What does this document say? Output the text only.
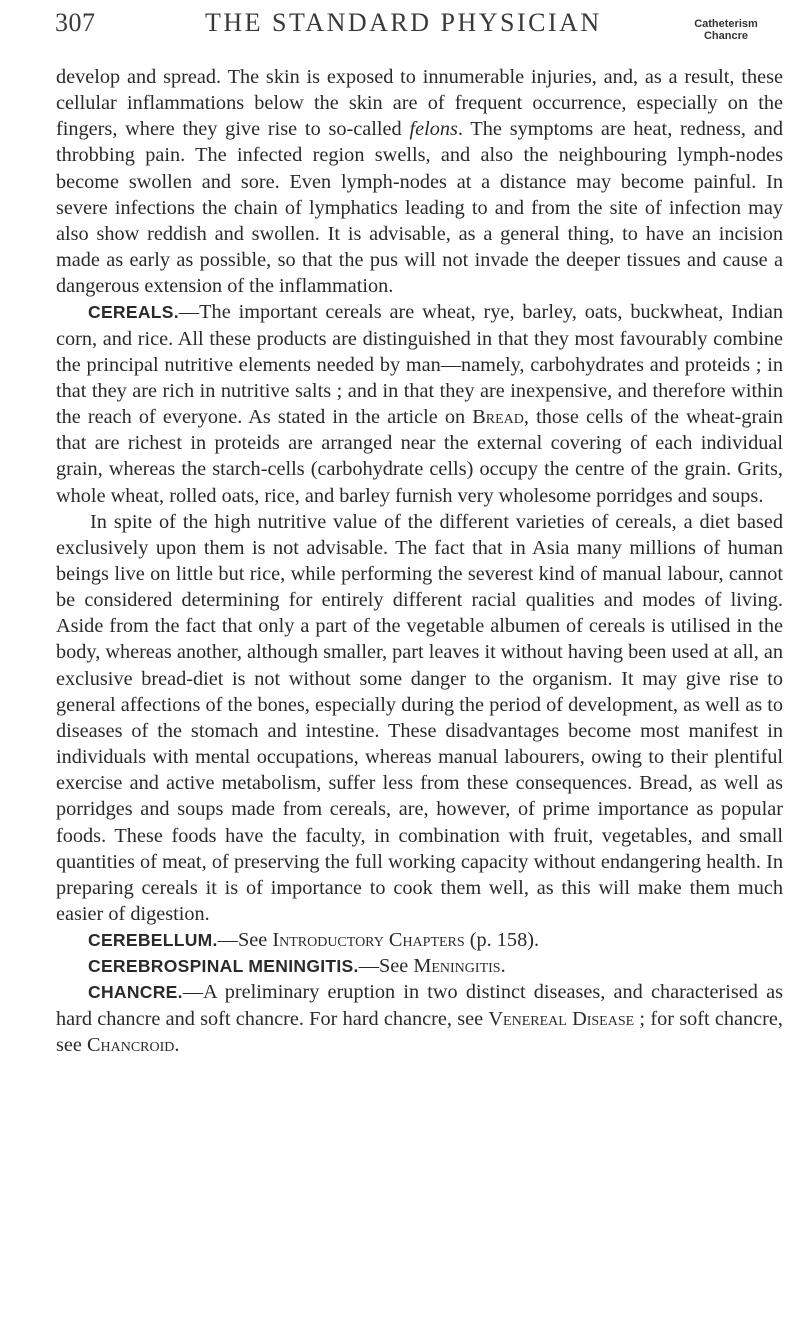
307	THE STANDARD PHYSICIAN	Catheterism
Chancre

develop and spread. The skin is exposed to innumerable injuries, and, as a result, these cellular inflammations below the skin are of frequent occurrence, especially on the fingers, where they give rise to so-called felons. The symptoms are heat, redness, and throbbing pain. The infected region swells, and also the neighbouring lymph-nodes become swollen and sore. Even lymph-nodes at a distance may become painful. In severe infections the chain of lymphatics leading to and from the site of infection may also show reddish and swollen. It is advisable, as a general thing, to have an incision made as early as possible, so that the pus will not invade the deeper tissues and cause a dangerous extension of the inflammation.

CEREALS.—The important cereals are wheat, rye, barley, oats, buckwheat, Indian corn, and rice. All these products are distinguished in that they most favourably combine the principal nutritive elements needed by man—namely, carbohydrates and proteids ; in that they are rich in nutritive salts ; and in that they are inexpensive, and therefore within the reach of everyone. As stated in the article on Bread, those cells of the wheat-grain that are richest in proteids are arranged near the external covering of each individual grain, whereas the starch-cells (carbohydrate cells) occupy the centre of the grain. Grits, whole wheat, rolled oats, rice, and barley furnish very wholesome porridges and soups.

In spite of the high nutritive value of the different varieties of cereals, a diet based exclusively upon them is not advisable. The fact that in Asia many millions of human beings live on little but rice, while performing the severest kind of manual labour, cannot be considered determining for entirely different racial qualities and modes of living. Aside from the fact that only a part of the vegetable albumen of cereals is utilised in the body, whereas another, although smaller, part leaves it without having been used at all, an exclusive bread-diet is not without some danger to the organism. It may give rise to general affections of the bones, especially during the period of development, as well as to diseases of the stomach and intestine. These disadvantages become most manifest in individuals with mental occupations, whereas manual labourers, owing to their plentiful exercise and active metabolism, suffer less from these consequences. Bread, as well as porridges and soups made from cereals, are, however, of prime importance as popular foods. These foods have the faculty, in combination with fruit, vegetables, and small quantities of meat, of preserving the full working capacity without endangering health. In preparing cereals it is of importance to cook them well, as this will make them much easier of digestion.

CEREBELLUM.—See Introductory Chapters (p. 158).

CEREBROSPINAL MENINGITIS.—See Meningitis.

CHANCRE.—A preliminary eruption in two distinct diseases, and characterised as hard chancre and soft chancre. For hard chancre, see Venereal Disease ; for soft chancre, see Chancroid.
